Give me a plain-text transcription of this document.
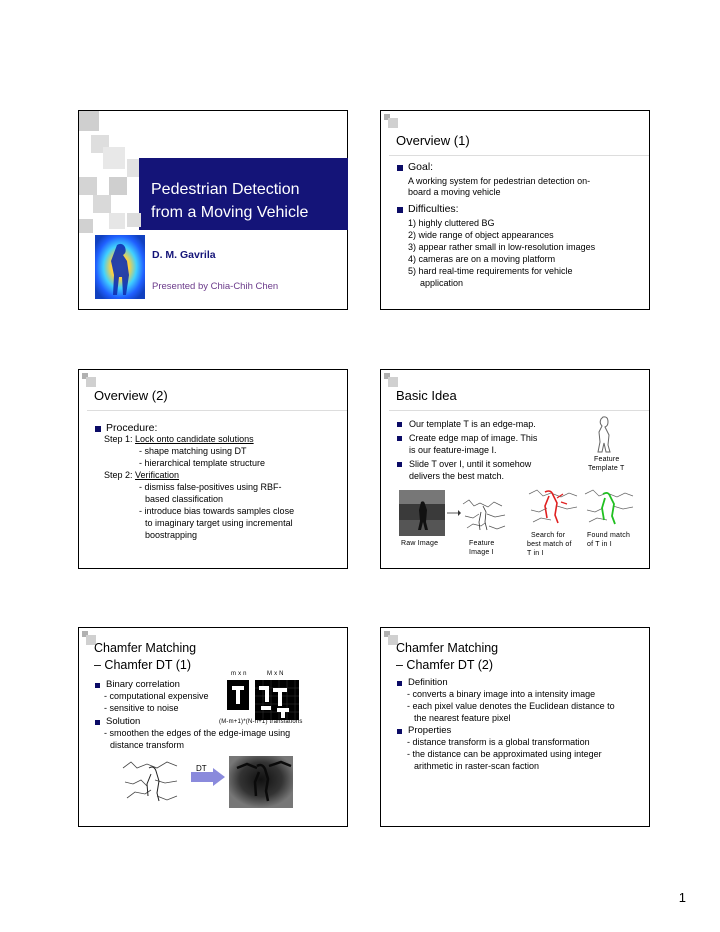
Pedestrian Detection
from a Moving Vehicle
D. M. Gavrila
Presented by Chia-Chih Chen
Overview (1)
Goal:
A working system for pedestrian detection on-
board a moving vehicle
Difficulties:
1) highly cluttered BG
2) wide range of object appearances
3) appear rather small in low-resolution images
4) cameras are on a moving platform
5) hard real-time requirements for vehicle
application
Overview (2)
Procedure:
Step 1: Lock onto candidate solutions
- shape matching using DT
- hierarchical template structure
Step 2: Verification
- dismiss false-positives using RBF-
based classification
- introduce bias towards samples close
to imaginary target using incremental
boostrapping
Basic Idea
Our template T is an edge-map.
Create edge map of image. This
is our feature-image I.
Slide T over I, until it somehow
delivers the best match.
Feature
Template T
Raw Image	Feature
Image I
Search for
best match of
T in I
Found match
of T in I
Chamfer Matching
– Chamfer DT (1)
m x n	M x N
Binary correlation
- computational expensive
- sensitive to noise
(M-m+1)*(N-n+1) translations
Solution
- smoothen the edges of the edge-image using
distance transform
DT
Chamfer Matching
– Chamfer DT (2)
Definition
- converts a binary image into a intensity image
- each pixel value denotes the Euclidean distance to
the nearest feature pixel
Properties
- distance transform is a global transformation
- the distance can be approximated using integer
arithmetic in raster-scan faction
1
